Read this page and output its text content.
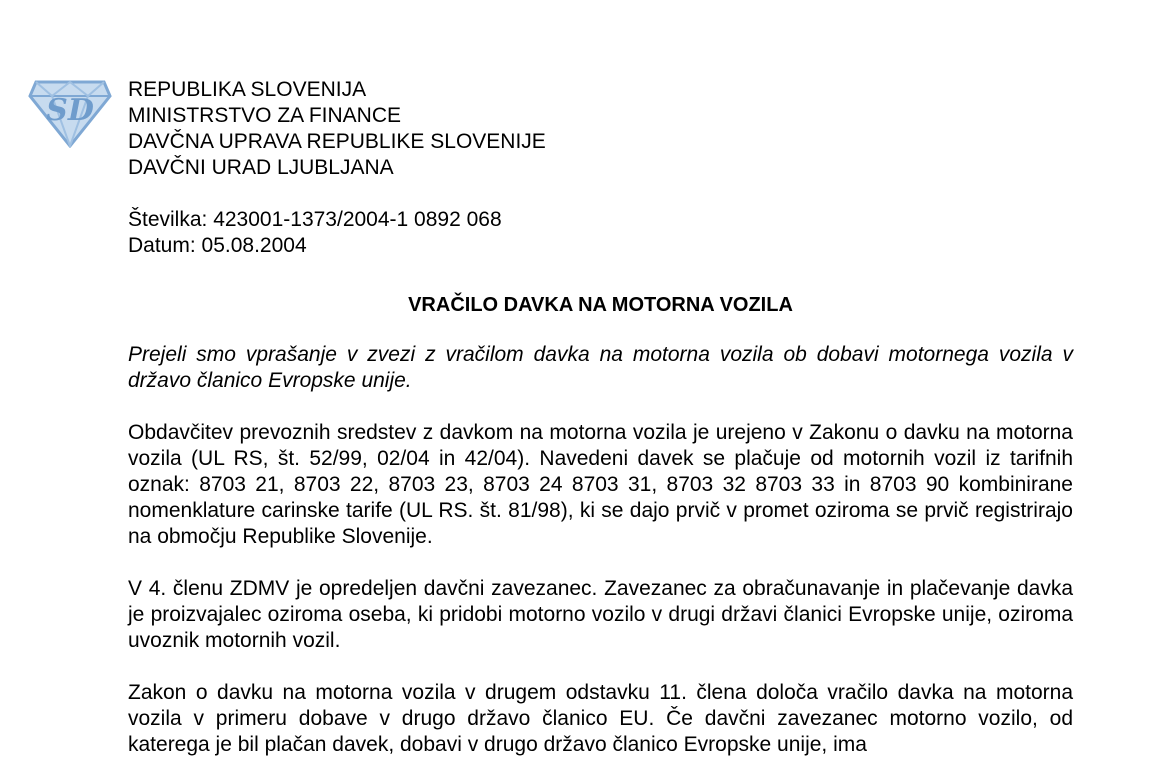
SD
REPUBLIKA SLOVENIJA
MINISTRSTVO ZA FINANCE
DAVČNA UPRAVA REPUBLIKE SLOVENIJE
DAVČNI URAD LJUBLJANA
Številka: 423001-1373/2004-1 0892 068
Datum: 05.08.2004
VRAČILO DAVKA NA MOTORNA VOZILA

Prejeli smo vprašanje v zvezi z vračilom davka na motorna vozila ob dobavi motornega vozila v državo članico Evropske unije.

Obdavčitev prevoznih sredstev z davkom na motorna vozila je urejeno v Zakonu o davku na motorna vozila (UL RS, št. 52/99, 02/04 in 42/04). Navedeni davek se plačuje od motornih vozil iz tarifnih oznak: 8703 21, 8703 22, 8703 23, 8703 24 8703 31, 8703 32 8703 33 in 8703 90 kombinirane nomenklature carinske tarife (UL RS. št. 81/98), ki se dajo prvič v promet oziroma se prvič registrirajo na območju Republike Slovenije.

V 4. členu ZDMV je opredeljen davčni zavezanec. Zavezanec za obračunavanje in plačevanje davka je proizvajalec oziroma oseba, ki pridobi motorno vozilo v drugi državi članici Evropske unije, oziroma uvoznik motornih vozil.

Zakon o davku na motorna vozila v drugem odstavku 11. člena določa vračilo davka na motorna vozila v primeru dobave v drugo državo članico EU. Če davčni zavezanec motorno vozilo, od katerega je bil plačan davek, dobavi v drugo državo članico Evropske unije, ima
